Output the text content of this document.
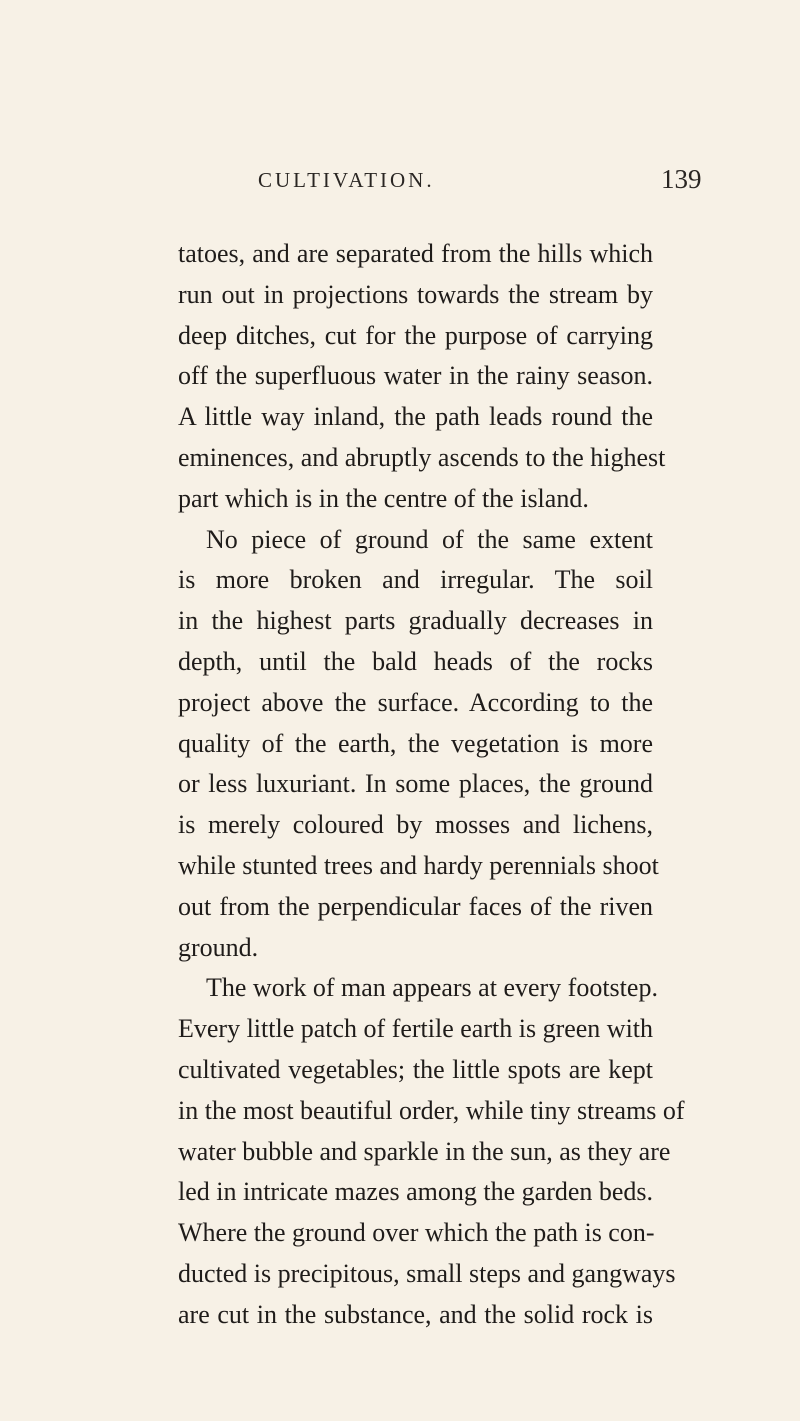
CULTIVATION.	139
tatoes, and are separated from the hills which
run out in projections towards the stream by
deep ditches, cut for the purpose of carrying
off the superfluous water in the rainy season.
A little way inland, the path leads round the
eminences, and abruptly ascends to the highest
part which is in the centre of the island.
No piece of ground of the same extent
is more broken and irregular. The soil
in the highest parts gradually decreases in
depth, until the bald heads of the rocks
project above the surface. According to the
quality of the earth, the vegetation is more
or less luxuriant. In some places, the ground
is merely coloured by mosses and lichens,
while stunted trees and hardy perennials shoot
out from the perpendicular faces of the riven
ground.
The work of man appears at every footstep.
Every little patch of fertile earth is green with
cultivated vegetables; the little spots are kept
in the most beautiful order, while tiny streams of
water bubble and sparkle in the sun, as they are
led in intricate mazes among the garden beds.
Where the ground over which the path is con-
ducted is precipitous, small steps and gangways
are cut in the substance, and the solid rock is
